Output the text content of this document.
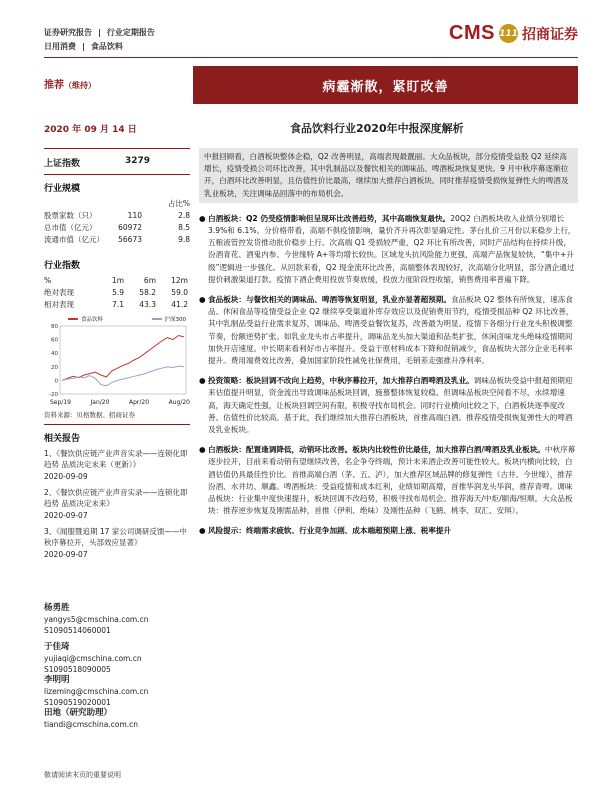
证券研究报告 | 行业定期报告
日用消费 | 食品饮料
CMS 111 招商证券
推荐（维持）	病霾渐散，紧盯改善
2020 年 09 月 14 日	食品饮料行业2020年中报深度解析
上证指数	3279
行业规模
占比%
股票家数（只）	110	2.8
总市值（亿元）	60972	8.5
流通市值（亿元）	56673	9.8
行业指数
%	1m	6m	12m
绝对表现	5.9	58.2	59.0
相对表现	7.1	43.3	41.2
食品饮料	沪深300
80
60
40
20
0
-20
Sep/19	Jan/20	Apr/20	Aug/20
资料来源：贝格数据、招商证券
相关报告
1、《餐饮供应链产业声音实录——连锁化即趋势 品质决定未来（更新）》
2020-09-09
2、《餐饮供应链产业声音实录——连锁化即趋势 品质决定未来》
2020-09-07
3、《闻服暨追期 17 家公司调研反馈——中秋序幕拉开，头部效应显著》
2020-09-07
杨勇胜
yangys5@cmschina.com.cn
S1090514060001
于佳琦
yujiaqi@cmschina.com.cn
S1090518090005
李明明
lizeming@cmschina.com.cn
S1090519020001
田地（研究助理）
tiandi@cmschina.com.cn
中报回顾看，白酒板块整体企稳，Q2 改善明显，高端表现最靓丽。大众品板块，部分疫情受益股 Q2 延续高增长，疫情受损公司环比改善，其中乳制品以及餐饮相关的调味品、啤酒板块恢复更快。9 月中秋序幕逐渐拉开，白酒环比改善明显，且估值性价比最高，继续加大推荐白酒板块。同时推荐疫情受损恢复弹性大的啤酒及乳业板块，关注调味品回落中的布局机会。
● 白酒板块：Q2 仍受疫情影响但呈现环比改善趋势，其中高端恢复最快。20Q2 白酒板块收入业绩分别增长 3.9%和 6.1%。分价格带看，高端不俱疫情影响，量价齐升再次彰显确定性。茅台扎价三月份以来稳步上行，五粮液管控发货推动批价稳步上行。次高端 Q1 受损较严重，Q2 环比有所改善，同时产品结构在持续升级，汾酒青花、酒鬼内参、今世缘特 A+等均增长较快。区域龙头抗风险能力更强，高端产品恢复较快，“集中+升级”逻辑进一步强化。从回款来看，Q2 现金流环比改善，高端整体表现较好，次高端分化明显，部分酒企通过提价刺激渠道打款。疫情下酒企费用投放节奏放缓，投放力度阶段性收缩，销售费用率普遍下降。
● 食品板块：与餐饮相关的调味品、啤酒等恢复明显，乳业亦显著超预期。食品板块 Q2 整体有所恢复，速冻食品、休闲食品等疫情受益企业 Q2 继续享受渠道补库存效应以及促销费用节约，疫情受损品种 Q2 环比改善，其中乳制品受益行业需求复苏，调味品、啤酒受益餐饮复苏，改善最为明显。疫情下各细分行业龙头积极调整节奏，份额逆势扩张。如乳业龙头市占率提升，调味品龙头加大渠道和品类扩张，休闲卤味龙头绝味疫情期间加快开店速度。中长期来看利好市占率提升。受益于原材料成本下降和促销减少，食品板块大部分企业毛利率提升。费用端费效比改善，叠加国家阶段性减免社保费用，毛销差走强推升净利率。
● 投资策略：板块回调不改向上趋势，中秋序幕拉开，加大推荐白酒啤酒及乳业。调味品板块受益中报超预期迎来估值提升明显，资金流出导致调味品板块回调，施慕整体恢复较稳。但调味品板块空间看不尽，水续增速高，海天确定性强，让板块回调空间有限，积极寻找布局机会。同时行业横向比较之下，白酒板块逐季度改善、估值性价比较高。基于此，我们继续加大推荐白酒板块，首推高端白酒。推荐疫情受损恢复弹性大的啤酒及乳业板块。
● 白酒板块：配置逢调降低，动销环比改善。板块内比较性价比最佳，加大推荐白酒/啤酒及乳业板块。中秋序幕逐步拉开，目前来看动销有望继续改善，名企争夺终端，预计未来酒企改善可能性较大。板块内横向比较，白酒估值仍具最佳性价比。首推高端白酒（茅、五、泸），加大推荐区域品牌的修复弹性（古井、今世缘），推荐汾酒、水井坊、顺鑫。啤酒板块：受益疫情和成本红利，业绩如期高增，首推华润龙头华润，推荐青啤。调味品板块：行业集中度快速提升，板块回调不改趋势，积极寻找布局机会。推荐海天/中炬/颐海/恒顺。大众品板块：推荐逆步恢复及刚需品种，首推（伊利、绝味）及刚性品种（飞鹤、桃李、双汇、安琪）。
● 风险提示：终端需求疲软、行业竞争加剧、成本端超预期上涨、税率提升
敬请阅读末页的重要说明
